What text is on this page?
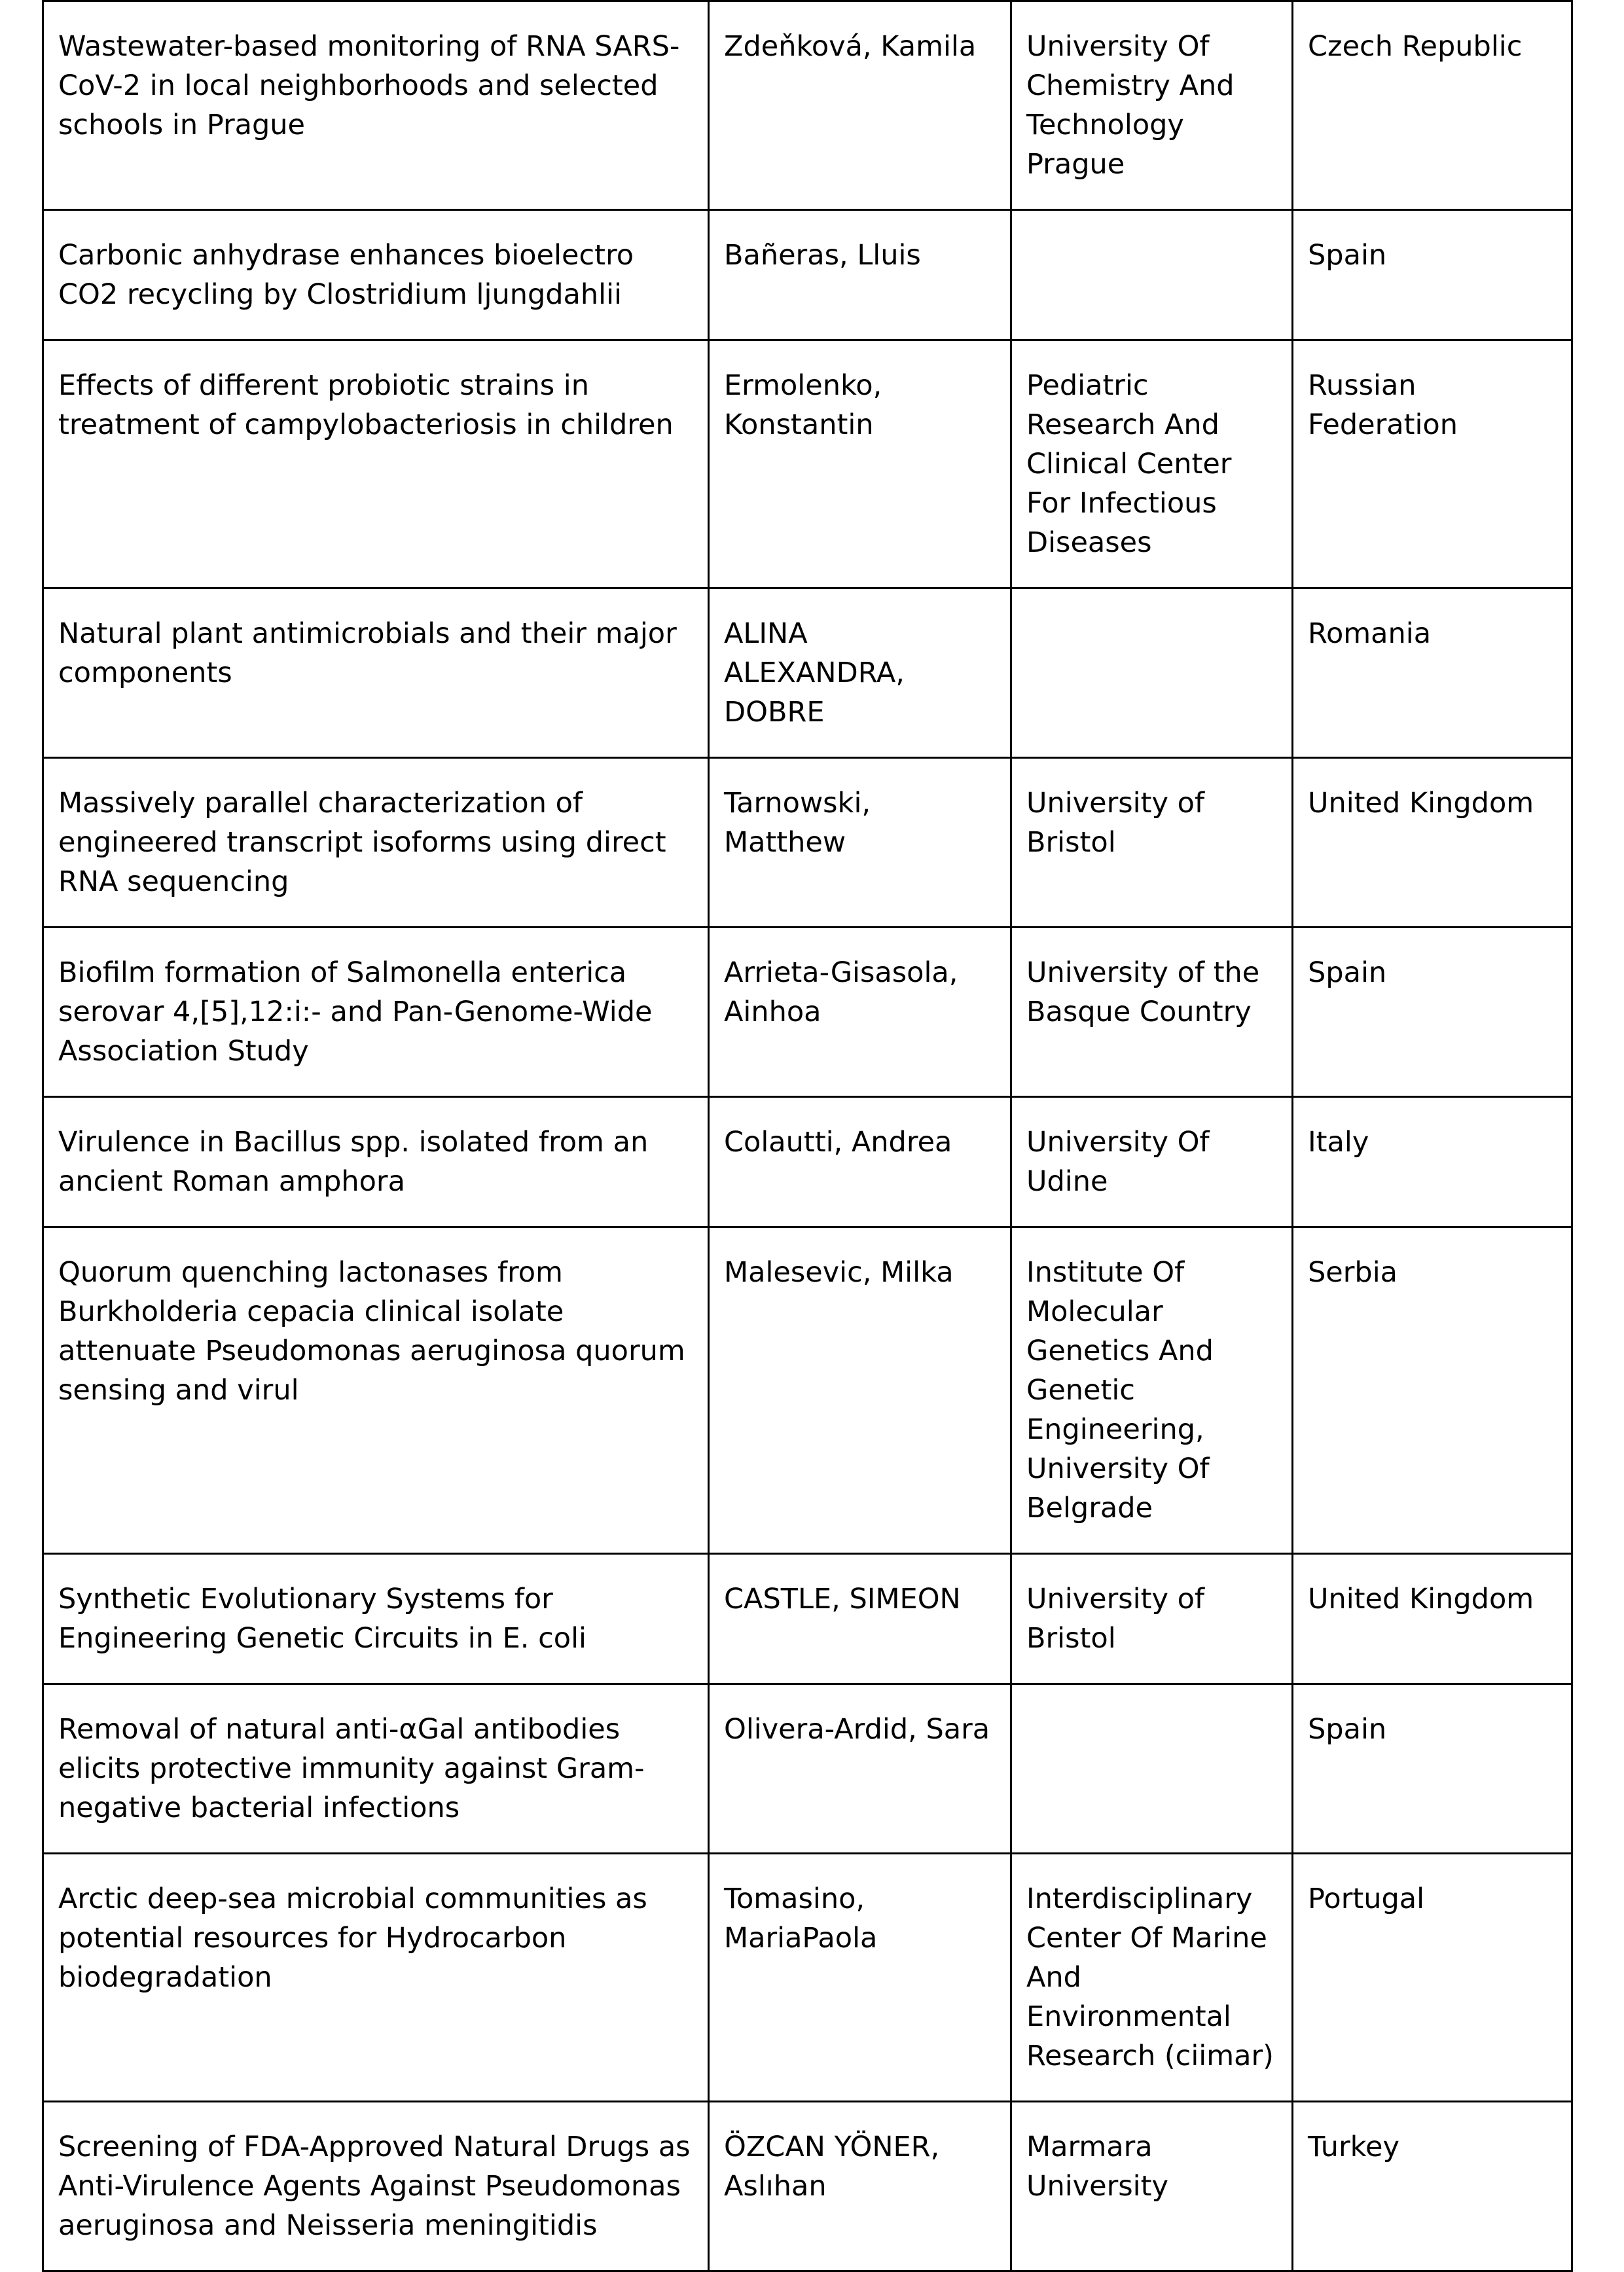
Wastewater-based monitoring of RNA SARS-CoV-2 in local neighborhoods and selected schools in Prague	Zdeňková, Kamila	University Of Chemistry And Technology Prague	Czech Republic
Carbonic anhydrase enhances bioelectro CO2 recycling by Clostridium ljungdahlii	Bañeras, Lluis		Spain
Effects of different probiotic strains in treatment of campylobacteriosis in children	Ermolenko, Konstantin	Pediatric Research And Clinical Center For Infectious Diseases	Russian Federation
Natural plant antimicrobials and their major components	ALINA ALEXANDRA, DOBRE		Romania
Massively parallel characterization of engineered transcript isoforms using direct RNA sequencing	Tarnowski, Matthew	University of Bristol	United Kingdom
Biofilm formation of Salmonella enterica serovar 4,[5],12:i:- and Pan-Genome-Wide Association Study	Arrieta-Gisasola, Ainhoa	University of the Basque Country	Spain
Virulence in Bacillus spp. isolated from an ancient Roman amphora	Colautti, Andrea	University Of Udine	Italy
Quorum quenching lactonases from Burkholderia cepacia clinical isolate attenuate Pseudomonas aeruginosa quorum sensing and virul	Malesevic, Milka	Institute Of Molecular Genetics And Genetic Engineering, University Of Belgrade	Serbia
Synthetic Evolutionary Systems for Engineering Genetic Circuits in E. coli	CASTLE, SIMEON	University of Bristol	United Kingdom
Removal of natural anti-αGal antibodies elicits protective immunity against Gram-negative bacterial infections	Olivera-Ardid, Sara		Spain
Arctic deep-sea microbial communities as potential resources for Hydrocarbon biodegradation	Tomasino, MariaPaola	Interdisciplinary Center Of Marine And Environmental Research (ciimar)	Portugal
Screening of FDA-Approved Natural Drugs as Anti-Virulence Agents Against Pseudomonas aeruginosa and Neisseria meningitidis	ÖZCAN YÖNER, Aslıhan	Marmara University	Turkey
